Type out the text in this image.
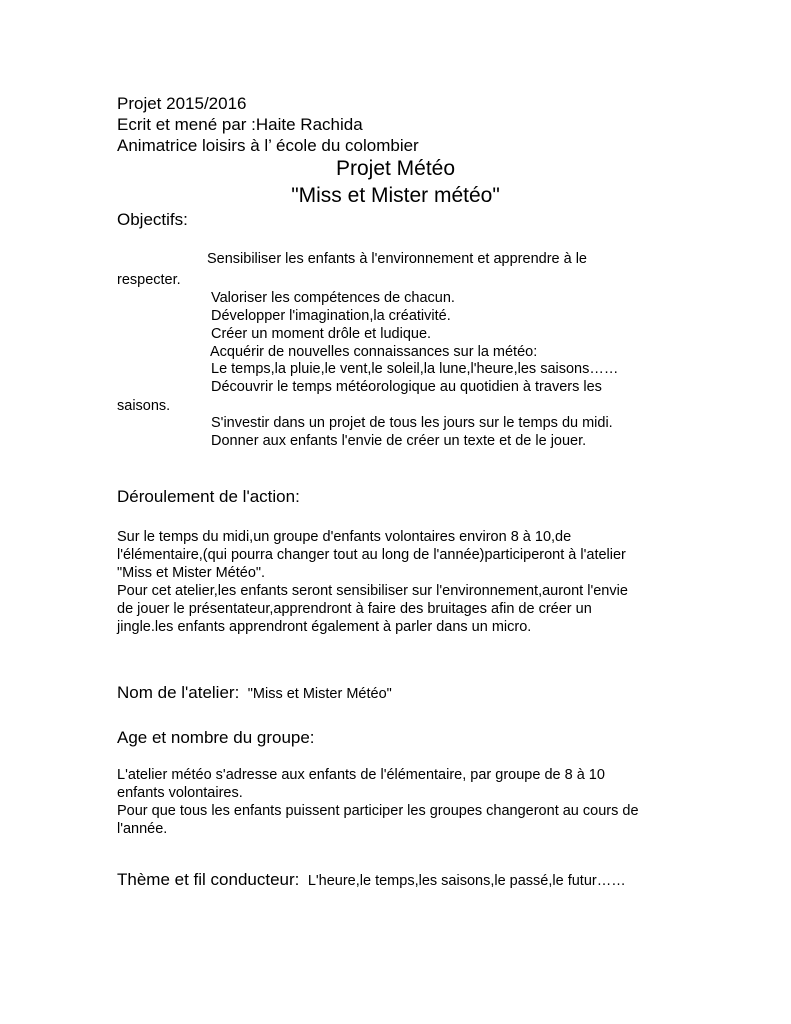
Projet 2015/2016
Ecrit et mené par :Haite Rachida
Animatrice loisirs à l’ école du colombier
Projet Météo
"Miss et Mister météo"
Objectifs:
Sensibiliser les enfants à l'environnement et apprendre à le
respecter.
Valoriser les compétences de chacun.
Développer l'imagination,la créativité.
Créer un moment drôle et ludique.
Acquérir de nouvelles connaissances sur la météo:
Le temps,la pluie,le vent,le soleil,la lune,l'heure,les saisons……
Découvrir le temps météorologique au quotidien à travers les
saisons.
S'investir dans un projet de tous les jours sur le temps du midi.
Donner aux enfants l'envie de créer un texte et de le jouer.
Déroulement de l'action:
Sur le temps du midi,un groupe d'enfants volontaires environ 8 à 10,de
l'élémentaire,(qui pourra changer tout au long de l'année)participeront à l'atelier
"Miss et Mister Météo".
Pour cet atelier,les enfants seront sensibiliser sur l'environnement,auront l'envie
de jouer le présentateur,apprendront à faire des bruitages afin de créer un
jingle.les enfants apprendront également à parler dans un micro.
Nom de l'atelier: "Miss et Mister Météo"
Age et nombre du groupe:
L'atelier météo s'adresse aux enfants de l'élémentaire, par groupe de 8 à 10
enfants volontaires.
Pour que tous les enfants puissent participer les groupes changeront au cours de
l'année.
Thème et fil conducteur: L'heure,le temps,les saisons,le passé,le futur……
